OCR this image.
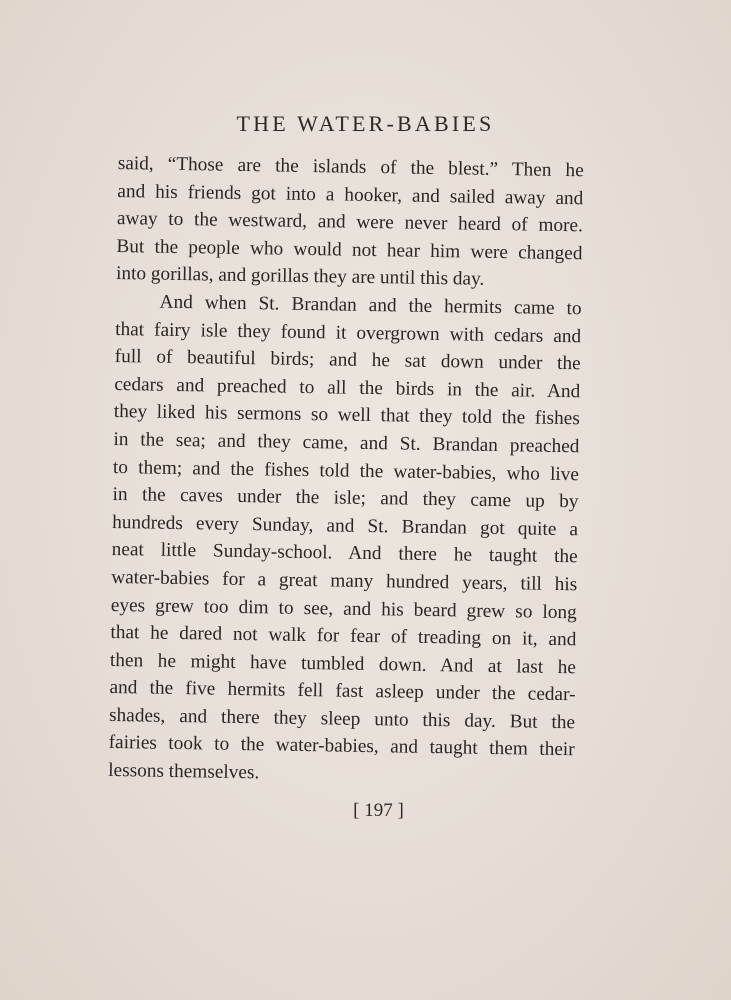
THE WATER-BABIES
said, “Those are the islands of the blest.” Then he
and his friends got into a hooker, and sailed away and
away to the westward, and were never heard of more.
But the people who would not hear him were changed
into gorillas, and gorillas they are until this day.
And when St. Brandan and the hermits came to
that fairy isle they found it overgrown with cedars and
full of beautiful birds; and he sat down under the
cedars and preached to all the birds in the air. And
they liked his sermons so well that they told the fishes
in the sea; and they came, and St. Brandan preached
to them; and the fishes told the water-babies, who live
in the caves under the isle; and they came up by
hundreds every Sunday, and St. Brandan got quite a
neat little Sunday-school. And there he taught the
water-babies for a great many hundred years, till his
eyes grew too dim to see, and his beard grew so long
that he dared not walk for fear of treading on it, and
then he might have tumbled down. And at last he
and the five hermits fell fast asleep under the cedar-
shades, and there they sleep unto this day. But the
fairies took to the water-babies, and taught them their
lessons themselves.
[ 197 ]
